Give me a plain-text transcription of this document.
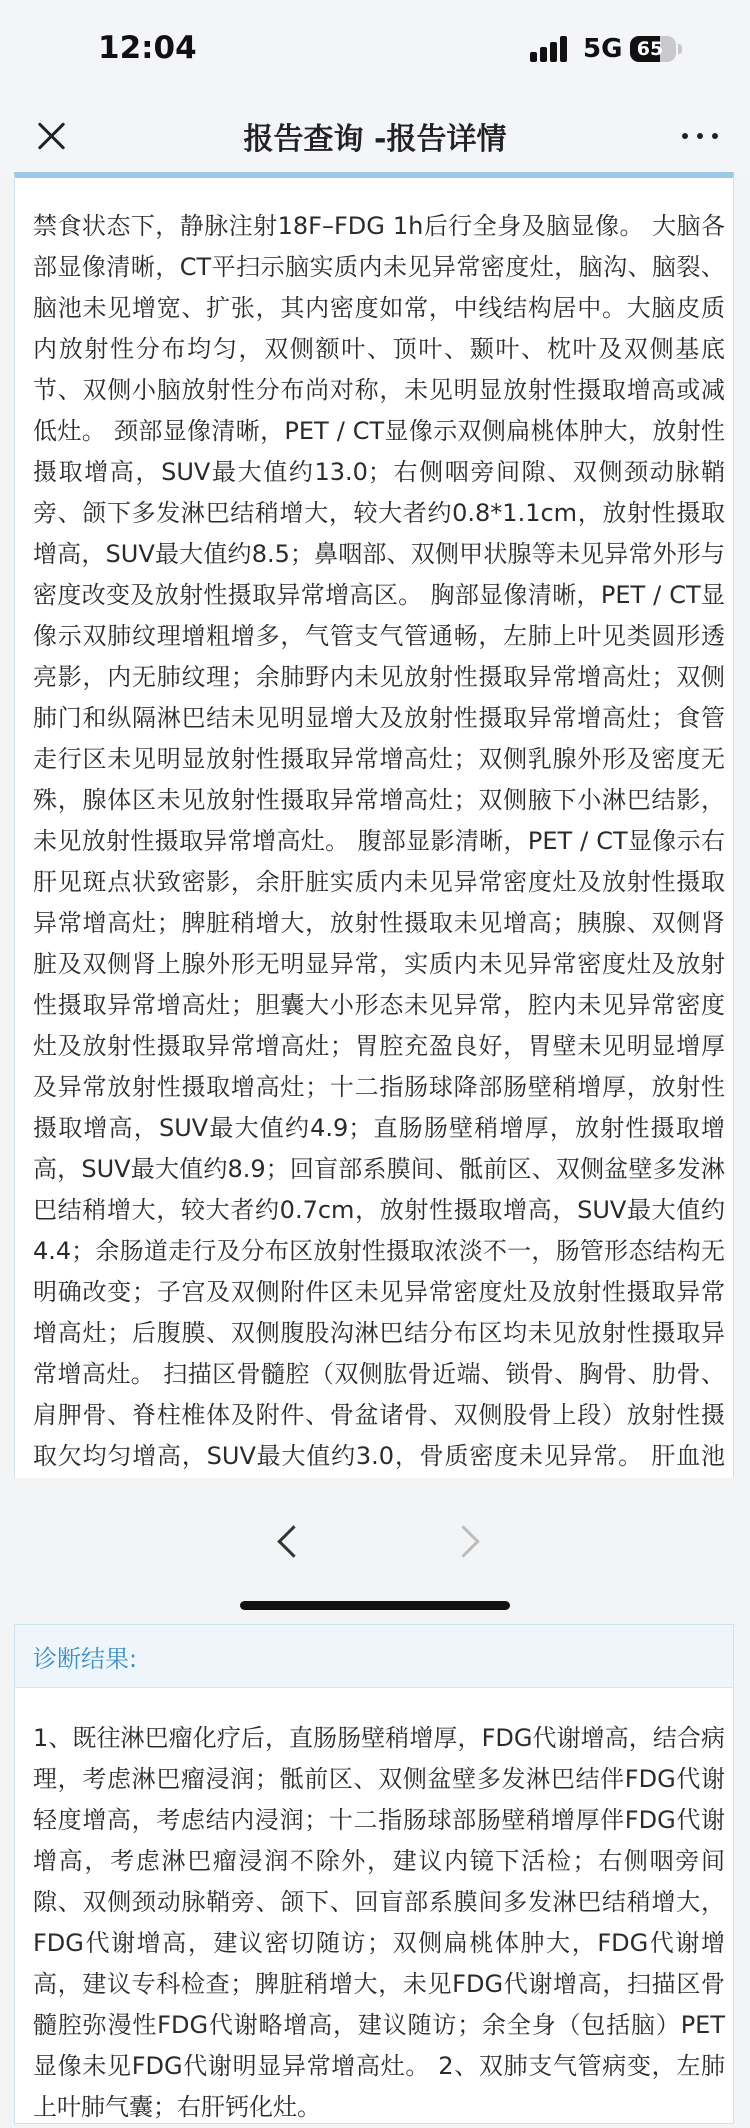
12:04	5G 65
报告查询 -报告详情

禁食状态下，静脉注射18F–FDG 1h后行全身及脑显像。 大脑各部显像清晰，CT平扫示脑实质内未见异常密度灶，脑沟、脑裂、脑池未见增宽、扩张，其内密度如常，中线结构居中。大脑皮质内放射性分布均匀，双侧额叶、顶叶、颞叶、枕叶及双侧基底节、双侧小脑放射性分布尚对称，未见明显放射性摄取增高或减低灶。 颈部显像清晰，PET / CT显像示双侧扁桃体肿大，放射性摄取增高，SUV最大值约13.0；右侧咽旁间隙、双侧颈动脉鞘旁、颌下多发淋巴结稍增大，较大者约0.8*1.1cm，放射性摄取增高，SUV最大值约8.5；鼻咽部、双侧甲状腺等未见异常外形与密度改变及放射性摄取异常增高区。 胸部显像清晰，PET / CT显像示双肺纹理增粗增多，气管支气管通畅，左肺上叶见类圆形透亮影，内无肺纹理；余肺野内未见放射性摄取异常增高灶；双侧肺门和纵隔淋巴结未见明显增大及放射性摄取异常增高灶；食管走行区未见明显放射性摄取异常增高灶；双侧乳腺外形及密度无殊，腺体区未见放射性摄取异常增高灶；双侧腋下小淋巴结影，未见放射性摄取异常增高灶。 腹部显影清晰，PET / CT显像示右肝见斑点状致密影，余肝脏实质内未见异常密度灶及放射性摄取异常增高灶；脾脏稍增大，放射性摄取未见增高；胰腺、双侧肾脏及双侧肾上腺外形无明显异常，实质内未见异常密度灶及放射性摄取异常增高灶；胆囊大小形态未见异常，腔内未见异常密度灶及放射性摄取异常增高灶；胃腔充盈良好，胃壁未见明显增厚及异常放射性摄取增高灶；十二指肠球降部肠壁稍增厚，放射性摄取增高，SUV最大值约4.9；直肠肠壁稍增厚，放射性摄取增高，SUV最大值约8.9；回盲部系膜间、骶前区、双侧盆壁多发淋巴结稍增大，较大者约0.7cm，放射性摄取增高，SUV最大值约4.4；余肠道走行及分布区放射性摄取浓淡不一，肠管形态结构无明确改变；子宫及双侧附件区未见异常密度灶及放射性摄取异常增高灶；后腹膜、双侧腹股沟淋巴结分布区均未见放射性摄取异常增高灶。 扫描区骨髓腔（双侧肱骨近端、锁骨、胸骨、肋骨、肩胛骨、脊柱椎体及附件、骨盆诸骨、双侧股骨上段）放射性摄取欠均匀增高，SUV最大值约3.0，骨质密度未见异常。 肝血池

诊断结果:

1、既往淋巴瘤化疗后，直肠肠壁稍增厚，FDG代谢增高，结合病理，考虑淋巴瘤浸润；骶前区、双侧盆壁多发淋巴结伴FDG代谢轻度增高，考虑结内浸润；十二指肠球部肠壁稍增厚伴FDG代谢增高，考虑淋巴瘤浸润不除外，建议内镜下活检；右侧咽旁间隙、双侧颈动脉鞘旁、颌下、回盲部系膜间多发淋巴结稍增大，FDG代谢增高，建议密切随访；双侧扁桃体肿大，FDG代谢增高，建议专科检查；脾脏稍增大，未见FDG代谢增高，扫描区骨髓腔弥漫性FDG代谢略增高，建议随访；余全身（包括脑）PET显像未见FDG代谢明显异常增高灶。 2、双肺支气管病变，左肺上叶肺气囊；右肝钙化灶。
